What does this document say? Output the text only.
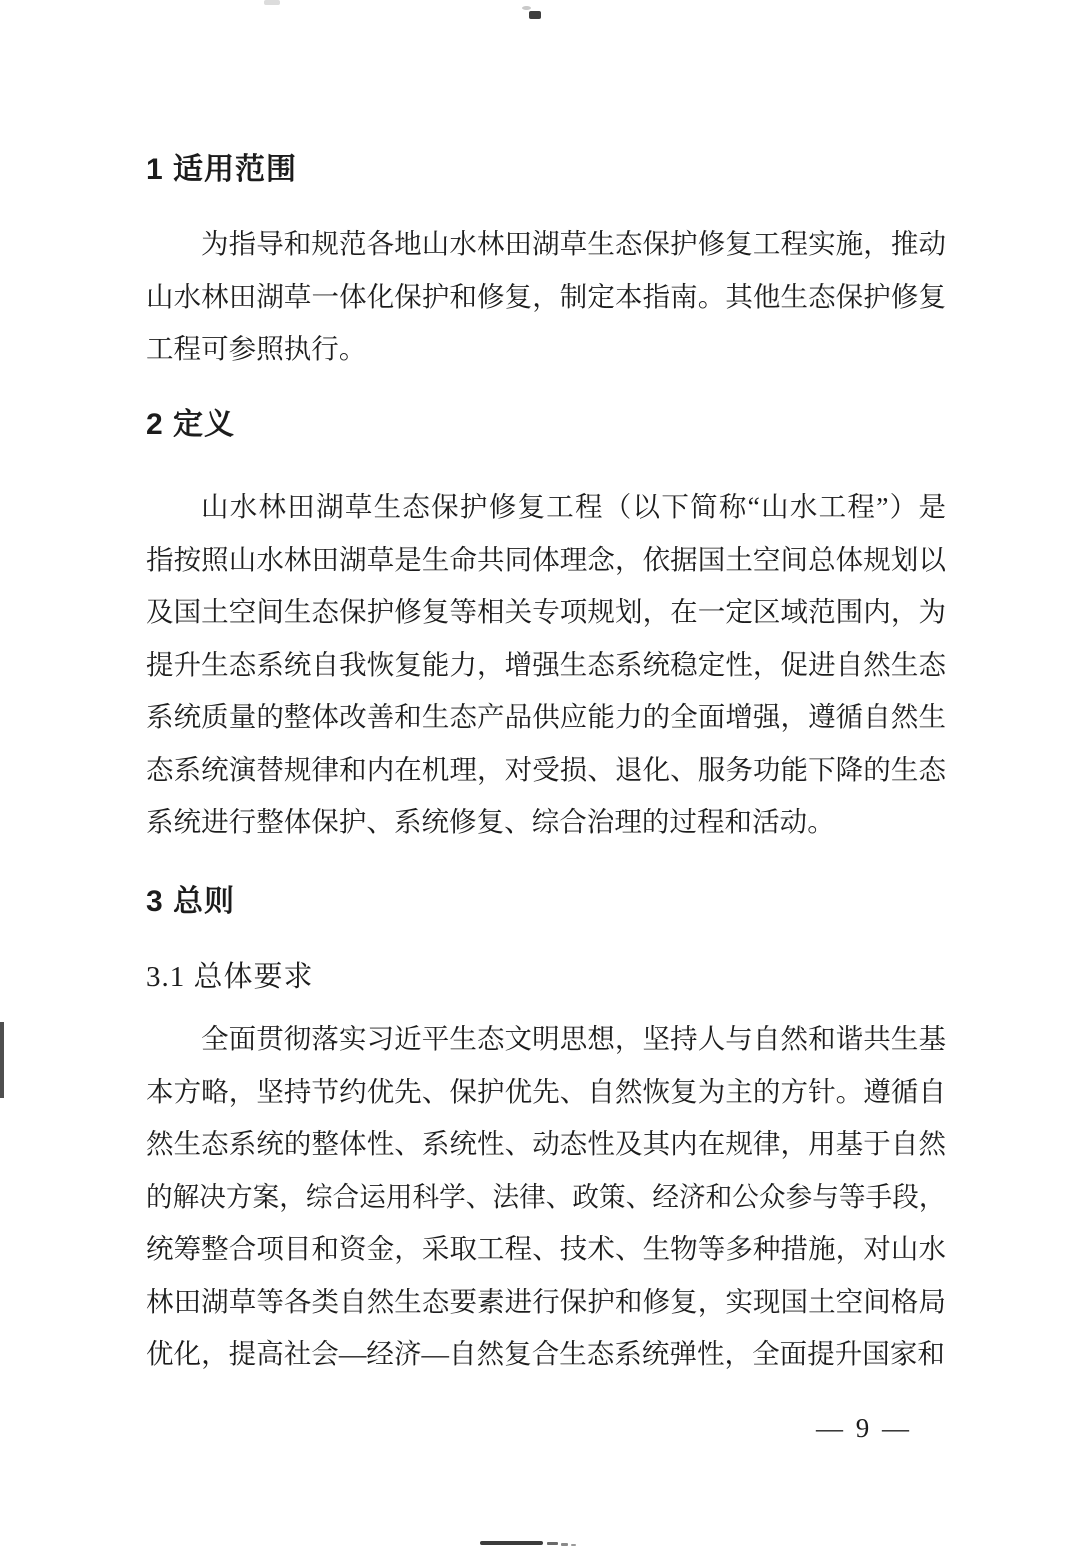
1 适用范围
为指导和规范各地山水林田湖草生态保护修复工程实施，推动
山水林田湖草一体化保护和修复，制定本指南。其他生态保护修复
工程可参照执行。
2 定义
山水林田湖草生态保护修复工程（以下简称“山水工程”）是
指按照山水林田湖草是生命共同体理念，依据国土空间总体规划以
及国土空间生态保护修复等相关专项规划，在一定区域范围内，为
提升生态系统自我恢复能力，增强生态系统稳定性，促进自然生态
系统质量的整体改善和生态产品供应能力的全面增强，遵循自然生
态系统演替规律和内在机理，对受损、退化、服务功能下降的生态
系统进行整体保护、系统修复、综合治理的过程和活动。
3 总则
3.1 总体要求
全面贯彻落实习近平生态文明思想，坚持人与自然和谐共生基
本方略，坚持节约优先、保护优先、自然恢复为主的方针。遵循自
然生态系统的整体性、系统性、动态性及其内在规律，用基于自然
的解决方案，综合运用科学、法律、政策、经济和公众参与等手段，
统筹整合项目和资金，采取工程、技术、生物等多种措施，对山水
林田湖草等各类自然生态要素进行保护和修复，实现国土空间格局
优化，提高社会—经济—自然复合生态系统弹性，全面提升国家和
— 9 —
